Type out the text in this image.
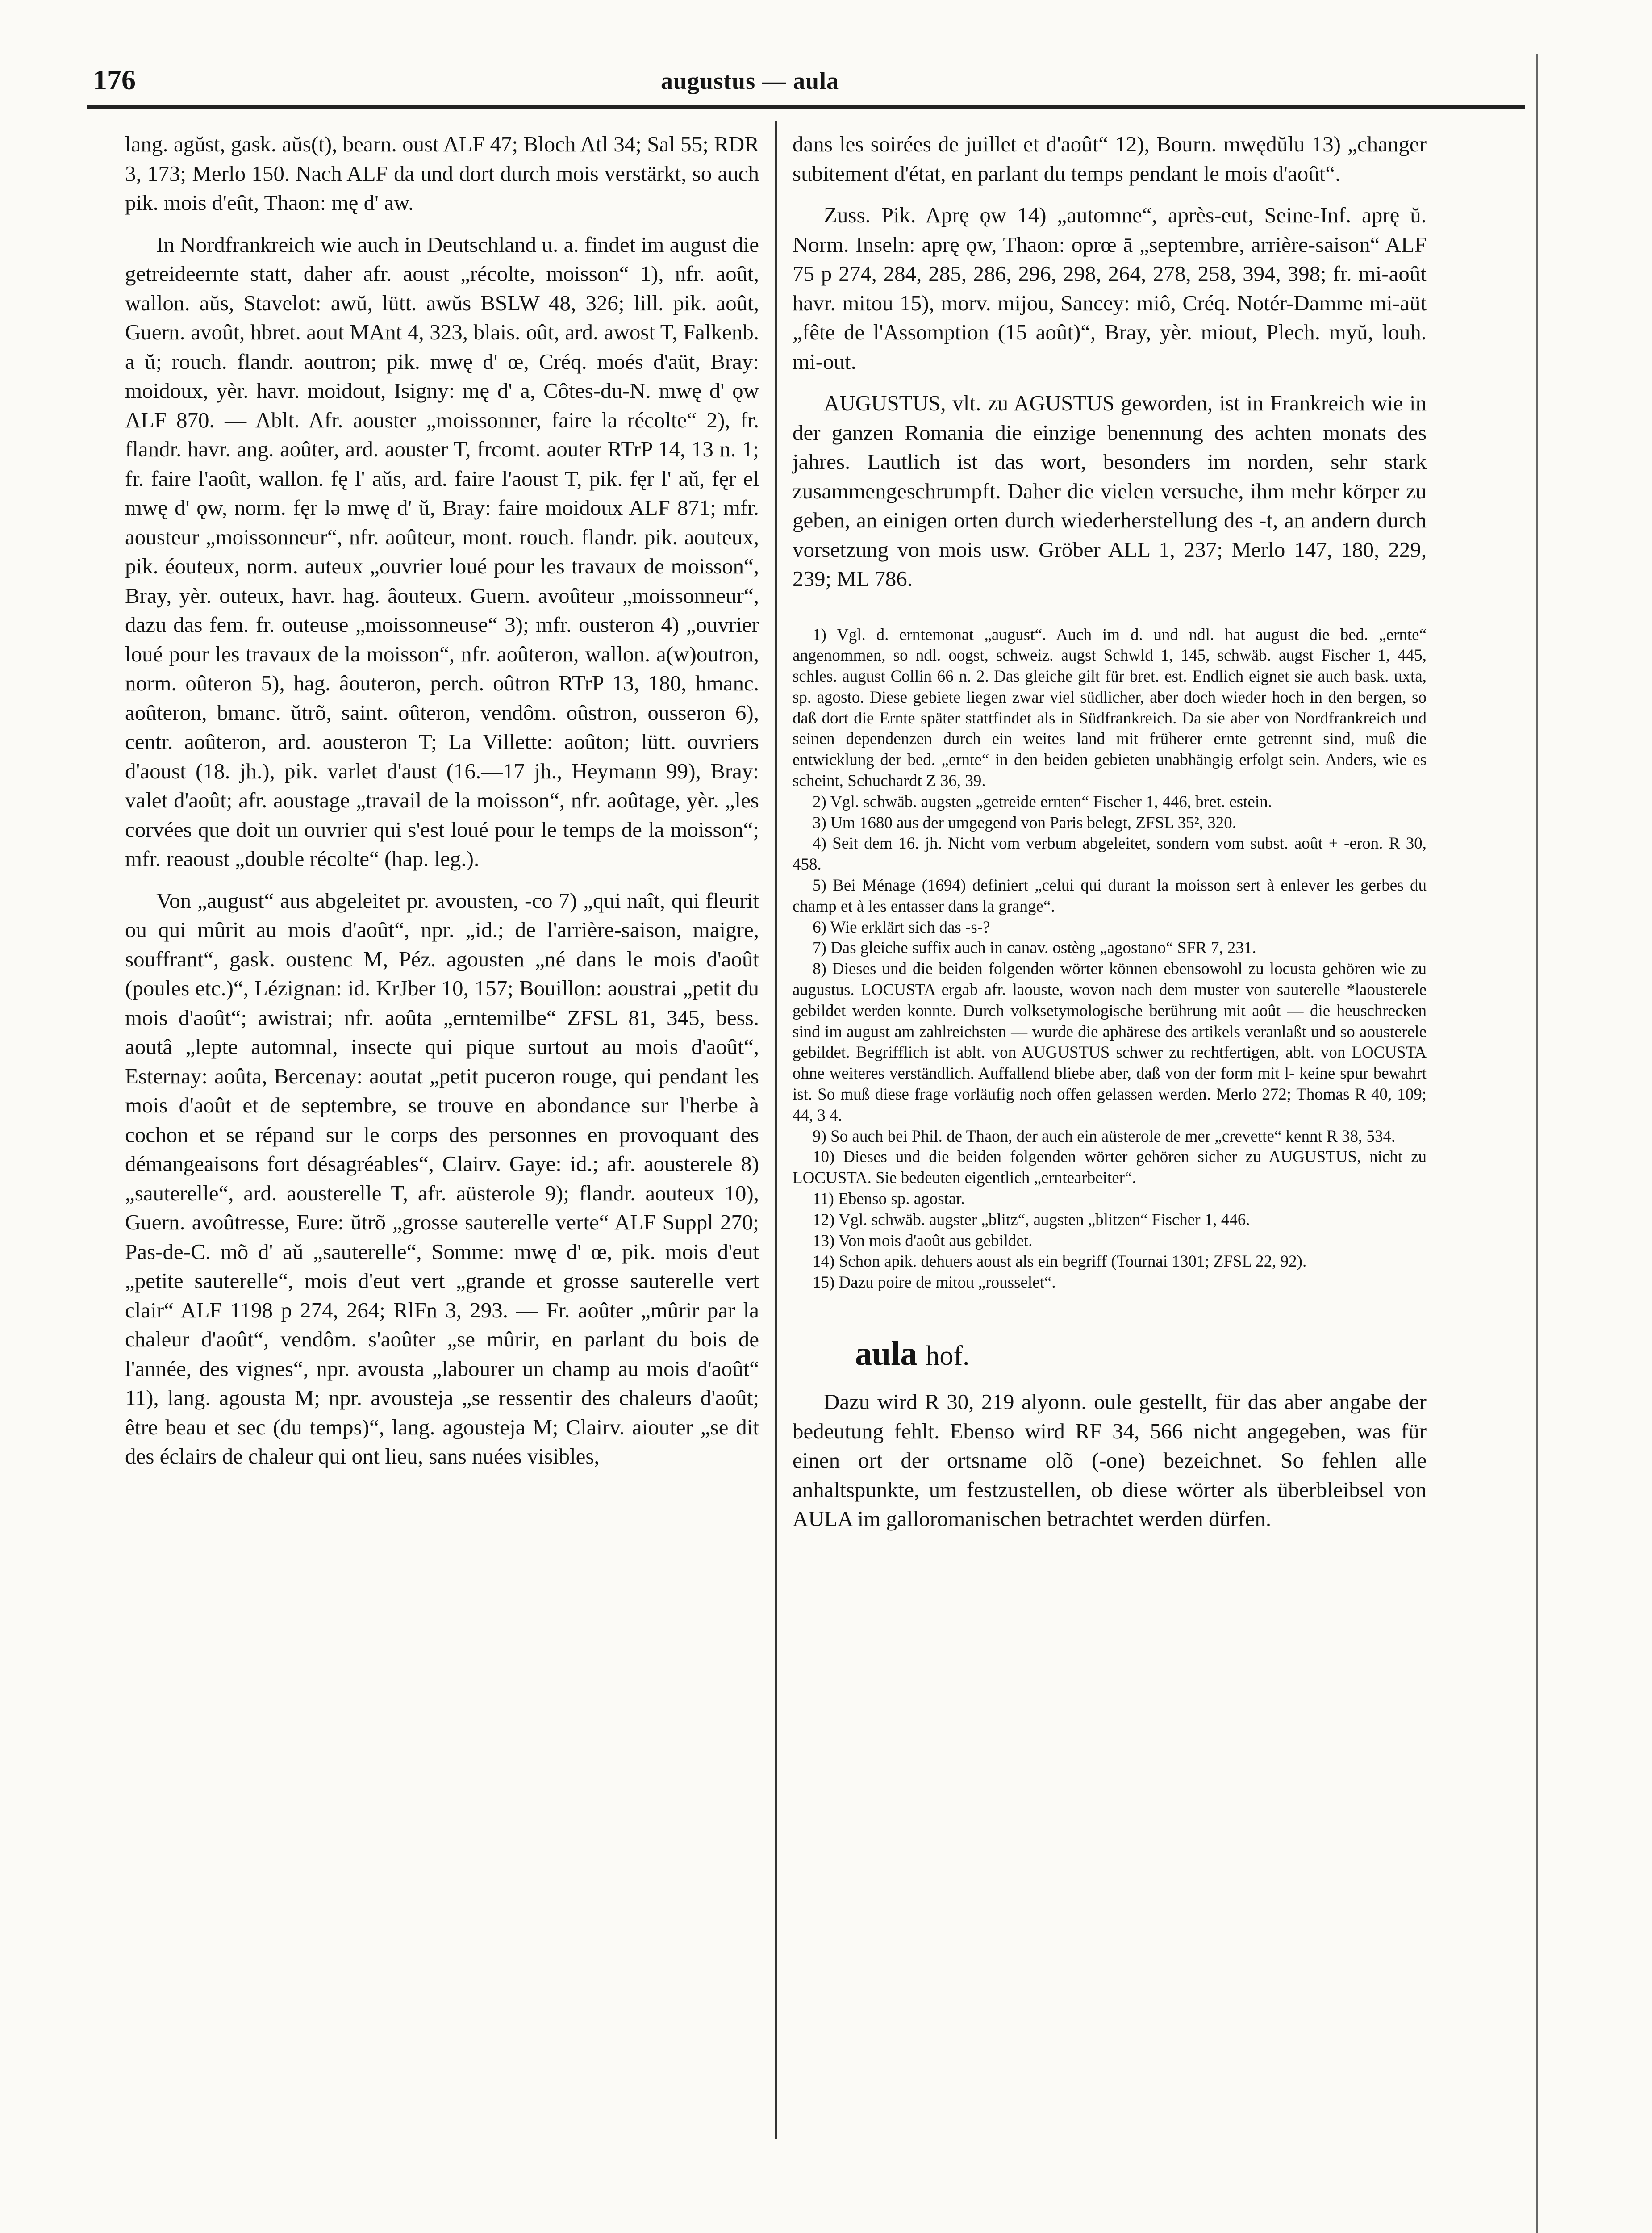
176	augustus — aula

lang. agŭst, gask. aŭs(t), bearn. oust ALF 47; Bloch Atl 34; Sal 55; RDR 3, 173; Merlo 150. Nach ALF da und dort durch mois verstärkt, so auch pik. mois d'eût, Thaon: mę d' aw.

In Nordfrankreich wie auch in Deutschland u. a. findet im august die getreideernte statt, daher afr. aoust „récolte, moisson“ 1), nfr. août, wallon. aŭs, Stavelot: awŭ, lütt. awŭs BSLW 48, 326; lill. pik. août, Guern. avoût, hbret. aout MAnt 4, 323, blais. oût, ard. awost T, Falkenb. a ŭ; rouch. flandr. aoutron; pik. mwę d' œ, Créq. moés d'aüt, Bray: moidoux, yèr. havr. moidout, Isigny: mę d' a, Côtes-du-N. mwę d' ǫw ALF 870. — Ablt. Afr. aouster „moissonner, faire la récolte“ 2), fr. flandr. havr. ang. aoûter, ard. aouster T, frcomt. aouter RTrP 14, 13 n. 1; fr. faire l'août, wallon. fę l' aŭs, ard. faire l'aoust T, pik. fęr l' aŭ, fęr el mwę d' ǫw, norm. fęr lə mwę d' ŭ, Bray: faire moidoux ALF 871; mfr. aousteur „moissonneur“, nfr. aoûteur, mont. rouch. flandr. pik. aouteux, pik. éouteux, norm. auteux „ouvrier loué pour les travaux de moisson“, Bray, yèr. outeux, havr. hag. âouteux. Guern. avoûteur „moissonneur“, dazu das fem. fr. outeuse „moissonneuse“ 3); mfr. ousteron 4) „ouvrier loué pour les travaux de la moisson“, nfr. aoûteron, wallon. a(w)outron, norm. oûteron 5), hag. âouteron, perch. oûtron RTrP 13, 180, hmanc. aoûteron, bmanc. ŭtrõ, saint. oûteron, vendôm. oûstron, ousseron 6), centr. aoûteron, ard. aousteron T; La Villette: aoûton; lütt. ouvriers d'aoust (18. jh.), pik. varlet d'aust (16.—17 jh., Heymann 99), Bray: valet d'août; afr. aoustage „travail de la moisson“, nfr. aoûtage, yèr. „les corvées que doit un ouvrier qui s'est loué pour le temps de la moisson“; mfr. reaoust „double récolte“ (hap. leg.).

Von „august“ aus abgeleitet pr. avousten, -co 7) „qui naît, qui fleurit ou qui mûrit au mois d'août“, npr. „id.; de l'arrière-saison, maigre, souffrant“, gask. oustenc M, Péz. agousten „né dans le mois d'août (poules etc.)“, Lézignan: id. KrJber 10, 157; Bouillon: aoustrai „petit du mois d'août“; awistrai; nfr. aoûta „erntemilbe“ ZFSL 81, 345, bess. aoutâ „lepte automnal, insecte qui pique surtout au mois d'août“, Esternay: aoûta, Bercenay: aoutat „petit puceron rouge, qui pendant les mois d'août et de septembre, se trouve en abondance sur l'herbe à cochon et se répand sur le corps des personnes en provoquant des démangeaisons fort désagréables“, Clairv. Gaye: id.; afr. aousterele 8) „sauterelle“, ard. aousterelle T, afr. aüsterole 9); flandr. aouteux 10), Guern. avoûtresse, Eure: ŭtrõ „grosse sauterelle verte“ ALF Suppl 270; Pas-de-C. mõ d' aŭ „sauterelle“, Somme: mwę d' œ, pik. mois d'eut „petite sauterelle“, mois d'eut vert „grande et grosse sauterelle vert clair“ ALF 1198 p 274, 264; RlFn 3, 293. — Fr. aoûter „mûrir par la chaleur d'août“, vendôm. s'aoûter „se mûrir, en parlant du bois de l'année, des vignes“, npr. avousta „labourer un champ au mois d'août“ 11), lang. agousta M; npr. avousteja „se ressentir des chaleurs d'août; être beau et sec (du temps)“, lang. agousteja M; Clairv. aiouter „se dit des éclairs de chaleur qui ont lieu, sans nuées visibles,

dans les soirées de juillet et d'août“ 12), Bourn. mwędŭlu 13) „changer subitement d'état, en parlant du temps pendant le mois d'août“.

Zuss. Pik. Aprę ǫw 14) „automne“, après-eut, Seine-Inf. aprę ŭ. Norm. Inseln: aprę ǫw, Thaon: oprœ ā „septembre, arrière-saison“ ALF 75 p 274, 284, 285, 286, 296, 298, 264, 278, 258, 394, 398; fr. mi-août havr. mitou 15), morv. mijou, Sancey: miô, Créq. Notér-Damme mi-aüt „fête de l'Assomption (15 août)“, Bray, yèr. miout, Plech. myŭ, louh. mi-out.

AUGUSTUS, vlt. zu AGUSTUS geworden, ist in Frankreich wie in der ganzen Romania die einzige benennung des achten monats des jahres. Lautlich ist das wort, besonders im norden, sehr stark zusammengeschrumpft. Daher die vielen versuche, ihm mehr körper zu geben, an einigen orten durch wiederherstellung des -t, an andern durch vorsetzung von mois usw. Gröber ALL 1, 237; Merlo 147, 180, 229, 239; ML 786.

1) Vgl. d. erntemonat „august“. Auch im d. und ndl. hat august die bed. „ernte“ angenommen, so ndl. oogst, schweiz. augst Schwld 1, 145, schwäb. augst Fischer 1, 445, schles. august Collin 66 n. 2. Das gleiche gilt für bret. est. Endlich eignet sie auch bask. uxta, sp. agosto. Diese gebiete liegen zwar viel südlicher, aber doch wieder hoch in den bergen, so daß dort die Ernte später stattfindet als in Südfrankreich. Da sie aber von Nordfrankreich und seinen dependenzen durch ein weites land mit früherer ernte getrennt sind, muß die entwicklung der bed. „ernte“ in den beiden gebieten unabhängig erfolgt sein. Anders, wie es scheint, Schuchardt Z 36, 39.

2) Vgl. schwäb. augsten „getreide ernten“ Fischer 1, 446, bret. estein.

3) Um 1680 aus der umgegend von Paris belegt, ZFSL 35², 320.

4) Seit dem 16. jh. Nicht vom verbum abgeleitet, sondern vom subst. août + -eron. R 30, 458.

5) Bei Ménage (1694) definiert „celui qui durant la moisson sert à enlever les gerbes du champ et à les entasser dans la grange“.

6) Wie erklärt sich das -s-?

7) Das gleiche suffix auch in canav. ostèng „agostano“ SFR 7, 231.

8) Dieses und die beiden folgenden wörter können ebensowohl zu locusta gehören wie zu augustus. LOCUSTA ergab afr. laouste, wovon nach dem muster von sauterelle *laousterele gebildet werden konnte. Durch volksetymologische berührung mit août — die heuschrecken sind im august am zahlreichsten — wurde die aphärese des artikels veranlaßt und so aousterele gebildet. Begrifflich ist ablt. von AUGUSTUS schwer zu rechtfertigen, ablt. von LOCUSTA ohne weiteres verständlich. Auffallend bliebe aber, daß von der form mit l- keine spur bewahrt ist. So muß diese frage vorläufig noch offen gelassen werden. Merlo 272; Thomas R 40, 109; 44, 3 4.

9) So auch bei Phil. de Thaon, der auch ein aüsterole de mer „crevette“ kennt R 38, 534.

10) Dieses und die beiden folgenden wörter gehören sicher zu AUGUSTUS, nicht zu LOCUSTA. Sie bedeuten eigentlich „erntearbeiter“.

11) Ebenso sp. agostar.

12) Vgl. schwäb. augster „blitz“, augsten „blitzen“ Fischer 1, 446.

13) Von mois d'août aus gebildet.

14) Schon apik. dehuers aoust als ein begriff (Tournai 1301; ZFSL 22, 92).

15) Dazu poire de mitou „rousselet“.

aula hof.

Dazu wird R 30, 219 alyonn. oule gestellt, für das aber angabe der bedeutung fehlt. Ebenso wird RF 34, 566 nicht angegeben, was für einen ort der ortsname olõ (-one) bezeichnet. So fehlen alle anhaltspunkte, um festzustellen, ob diese wörter als überbleibsel von AULA im galloromanischen betrachtet werden dürfen.
